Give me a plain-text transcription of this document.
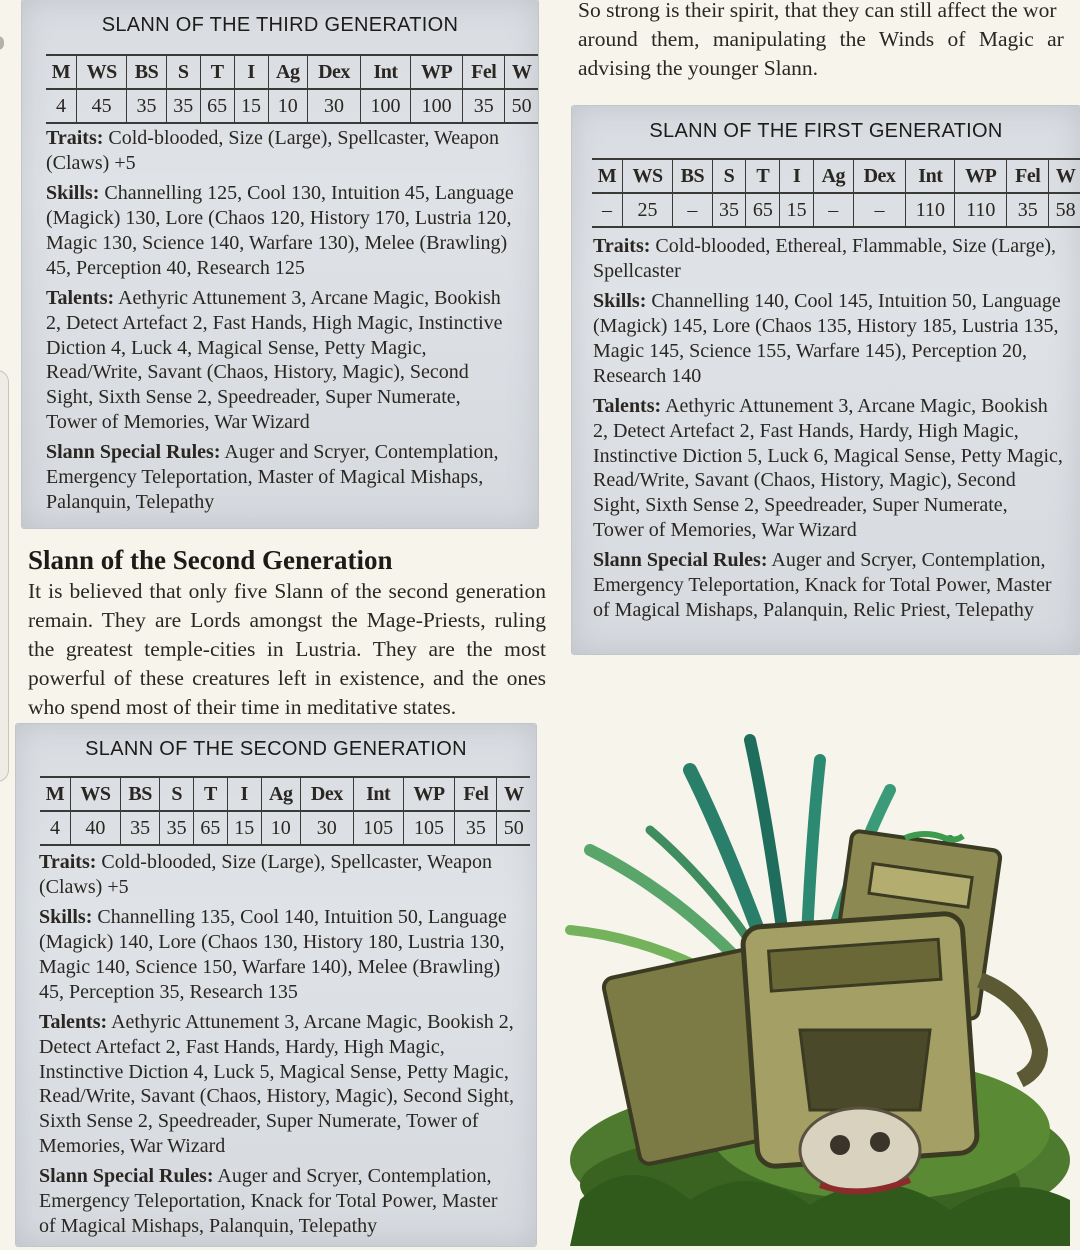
SLANN OF THE THIRD GENERATION
M	WS	BS	S	T	I	Ag	Dex	Int	WP	Fel	W
4	45	35	35	65	15	10	30	100	100	35	50

Traits: Cold-blooded, Size (Large), Spellcaster, Weapon (Claws) +5

Skills: Channelling 125, Cool 130, Intuition 45, Language (Magick) 130, Lore (Chaos 120, History 170, Lustria 120, Magic 130, Science 140, Warfare 130), Melee (Brawling) 45, Perception 40, Research 125

Talents: Aethyric Attunement 3, Arcane Magic, Bookish 2, Detect Artefact 2, Fast Hands, High Magic, Instinctive Diction 4, Luck 4, Magical Sense, Petty Magic, Read/Write, Savant (Chaos, History, Magic), Second Sight, Sixth Sense 2, Speedreader, Super Numerate, Tower of Memories, War Wizard

Slann Special Rules: Auger and Scryer, Contemplation, Emergency Teleportation, Master of Magical Mishaps, Palanquin, Telepathy

Slann of the Second Generation
It is believed that only five Slann of the second generation remain. They are Lords amongst the Mage-Priests, ruling the greatest temple-cities in Lustria. They are the most powerful of these creatures left in existence, and the ones who spend most of their time in meditative states.
SLANN OF THE SECOND GENERATION
M	WS	BS	S	T	I	Ag	Dex	Int	WP	Fel	W
4	40	35	35	65	15	10	30	105	105	35	50

Traits: Cold-blooded, Size (Large), Spellcaster, Weapon (Claws) +5

Skills: Channelling 135, Cool 140, Intuition 50, Language (Magick) 140, Lore (Chaos 130, History 180, Lustria 130, Magic 140, Science 150, Warfare 140), Melee (Brawling) 45, Perception 35, Research 135

Talents: Aethyric Attunement 3, Arcane Magic, Bookish 2, Detect Artefact 2, Fast Hands, Hardy, High Magic, Instinctive Diction 4, Luck 5, Magical Sense, Petty Magic, Read/Write, Savant (Chaos, History, Magic), Second Sight, Sixth Sense 2, Speedreader, Super Numerate, Tower of Memories, War Wizard

Slann Special Rules: Auger and Scryer, Contemplation, Emergency Teleportation, Knack for Total Power, Master of Magical Mishaps, Palanquin, Telepathy

So strong is their spirit, that they can still affect the wor
around them, manipulating the Winds of Magic ar
advising the younger Slann.
SLANN OF THE FIRST GENERATION
M	WS	BS	S	T	I	Ag	Dex	Int	WP	Fel	W
–	25	–	35	65	15	–	–	110	110	35	58

Traits: Cold-blooded, Ethereal, Flammable, Size (Large), Spellcaster

Skills: Channelling 140, Cool 145, Intuition 50, Language (Magick) 145, Lore (Chaos 135, History 185, Lustria 135, Magic 145, Science 155, Warfare 145), Perception 20, Research 140

Talents: Aethyric Attunement 3, Arcane Magic, Bookish 2, Detect Artefact 2, Fast Hands, Hardy, High Magic, Instinctive Diction 5, Luck 6, Magical Sense, Petty Magic, Read/Write, Savant (Chaos, History, Magic), Second Sight, Sixth Sense 2, Speedreader, Super Numerate, Tower of Memories, War Wizard

Slann Special Rules: Auger and Scryer, Contemplation, Emergency Teleportation, Knack for Total Power, Master of Magical Mishaps, Palanquin, Relic Priest, Telepathy
